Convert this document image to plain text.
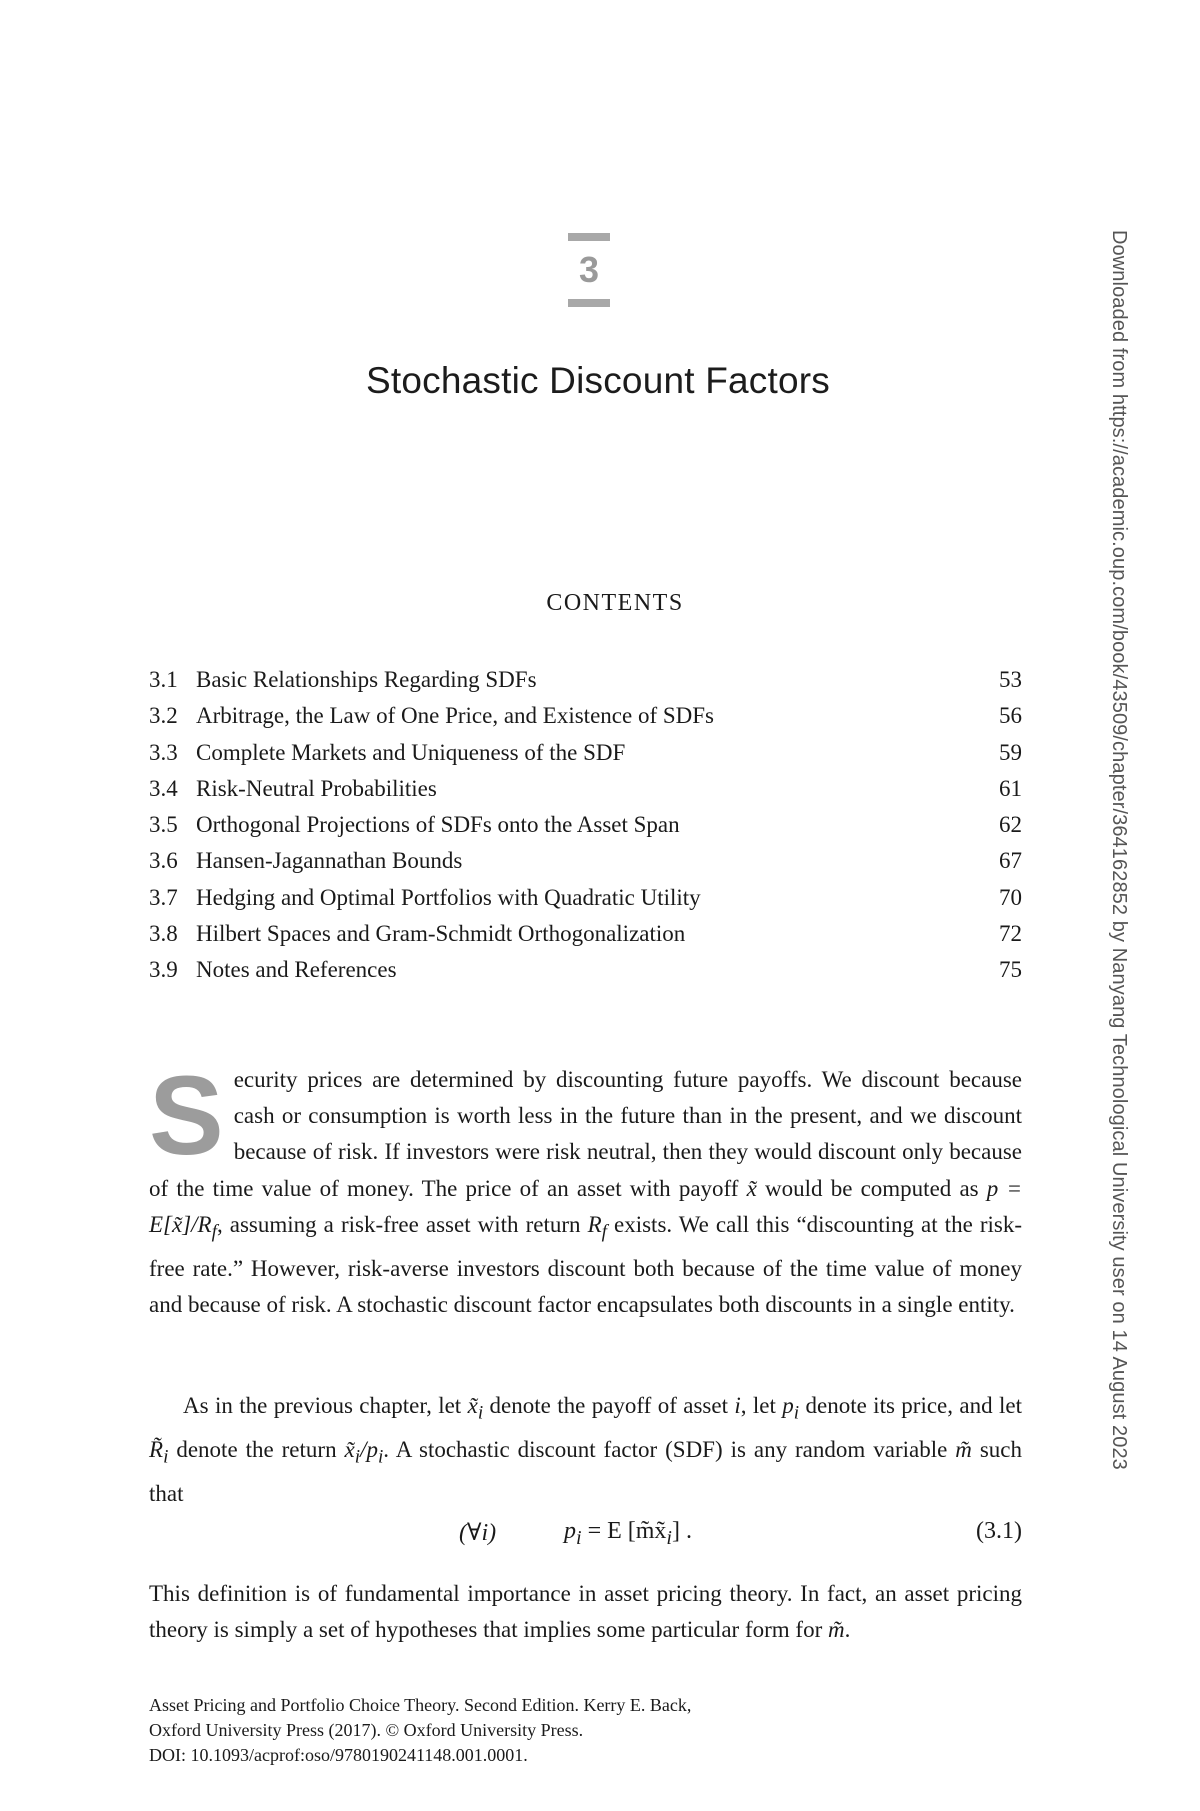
3
Stochastic Discount Factors
CONTENTS
3.1 Basic Relationships Regarding SDFs	53
3.2 Arbitrage, the Law of One Price, and Existence of SDFs	56
3.3 Complete Markets and Uniqueness of the SDF	59
3.4 Risk-Neutral Probabilities	61
3.5 Orthogonal Projections of SDFs onto the Asset Span	62
3.6 Hansen-Jagannathan Bounds	67
3.7 Hedging and Optimal Portfolios with Quadratic Utility	70
3.8 Hilbert Spaces and Gram-Schmidt Orthogonalization	72
3.9 Notes and References	75

Security prices are determined by discounting future payoffs. We discount because cash or consumption is worth less in the future than in the present, and we discount because of risk. If investors were risk neutral, then they would discount only because of the time value of money. The price of an asset with payoff x̃ would be computed as $p = E[x̃]/R_f$, assuming a risk-free asset with return $R_f$ exists. We call this “discounting at the risk-free rate.” However, risk-averse investors discount both because of the time value of money and because of risk. A stochastic discount factor encapsulates both discounts in a single entity.

As in the previous chapter, let $x̃_i$ denote the payoff of asset i, let $p_i$ denote its price, and let $R̃_i$ denote the return $x̃_i/p_i$. A stochastic discount factor (SDF) is any random variable m̃ such that

(∀i)	$p_i = E$ $[m̃x̃_i]$ .	(3.1)

This definition is of fundamental importance in asset pricing theory. In fact, an asset pricing theory is simply a set of hypotheses that implies some particular form for m̃.

Asset Pricing and Portfolio Choice Theory. Second Edition. Kerry E. Back,
Oxford University Press (2017). © Oxford University Press.
DOI: 10.1093/acprof:oso/9780190241148.001.0001.
Downloaded from https://academic.oup.com/book/43509/chapter/364162852 by Nanyang Technological University user on 14 August 2023
